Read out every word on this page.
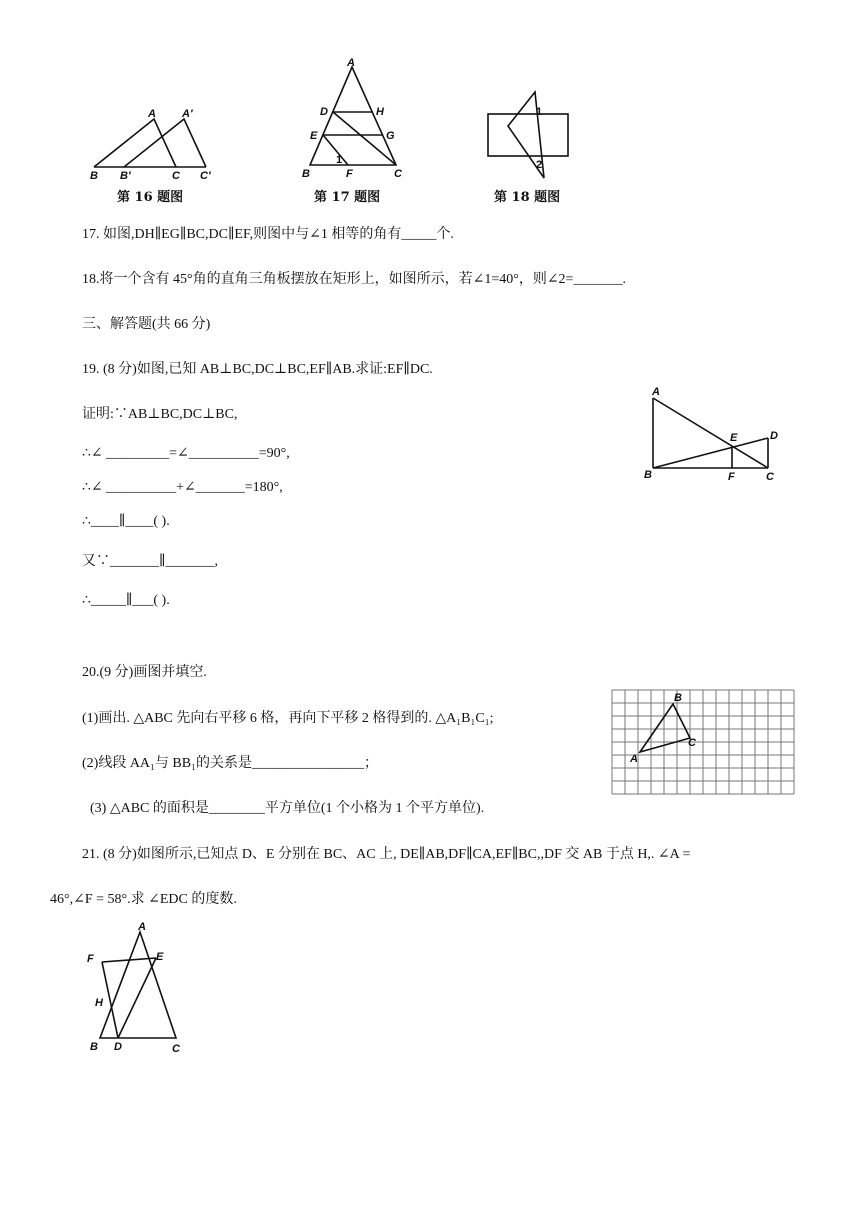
A A′
B B′	C C′
第 16 题图
A
D	H
E	G
1
B	F	C
第 17 题图
1
2
第 18 题图
17. 如图,DH∥EG∥BC,DC∥EF,则图中与∠1 相等的角有_____个.
18.将一个含有 45°角的直角三角板摆放在矩形上，如图所示，若∠1=40°，则∠2=_______.
三、解答题(共 66 分)
19. (8 分)如图,已知 AB⊥BC,DC⊥BC,EF∥AB.求证:EF∥DC.
证明:∵AB⊥BC,DC⊥BC,
∴∠ _________=∠__________=90°,
∴∠ __________+∠_______=180°,
∴____∥____( ).
又∵_______∥_______,
∴_____∥___( ).
A
E	D
B	F	C
20.(9 分)画图并填空.
(1)画出. △ABC 先向右平移 6 格，再向下平移 2 格得到的. △A₁B₁C₁;
(2)线段 AA₁与 BB₁的关系是________________；
(3) △ABC 的面积是________平方单位(1 个小格为 1 个平方单位).
A
B
C
21. (8 分)如图所示,已知点 D、E 分别在 BC、AC 上, DE∥AB,DF∥CA,EF∥BC,,DF 交 AB 于点 H,. ∠A =
46°,∠F = 58°.求 ∠EDC 的度数.
A
F	E
H
B D	C
